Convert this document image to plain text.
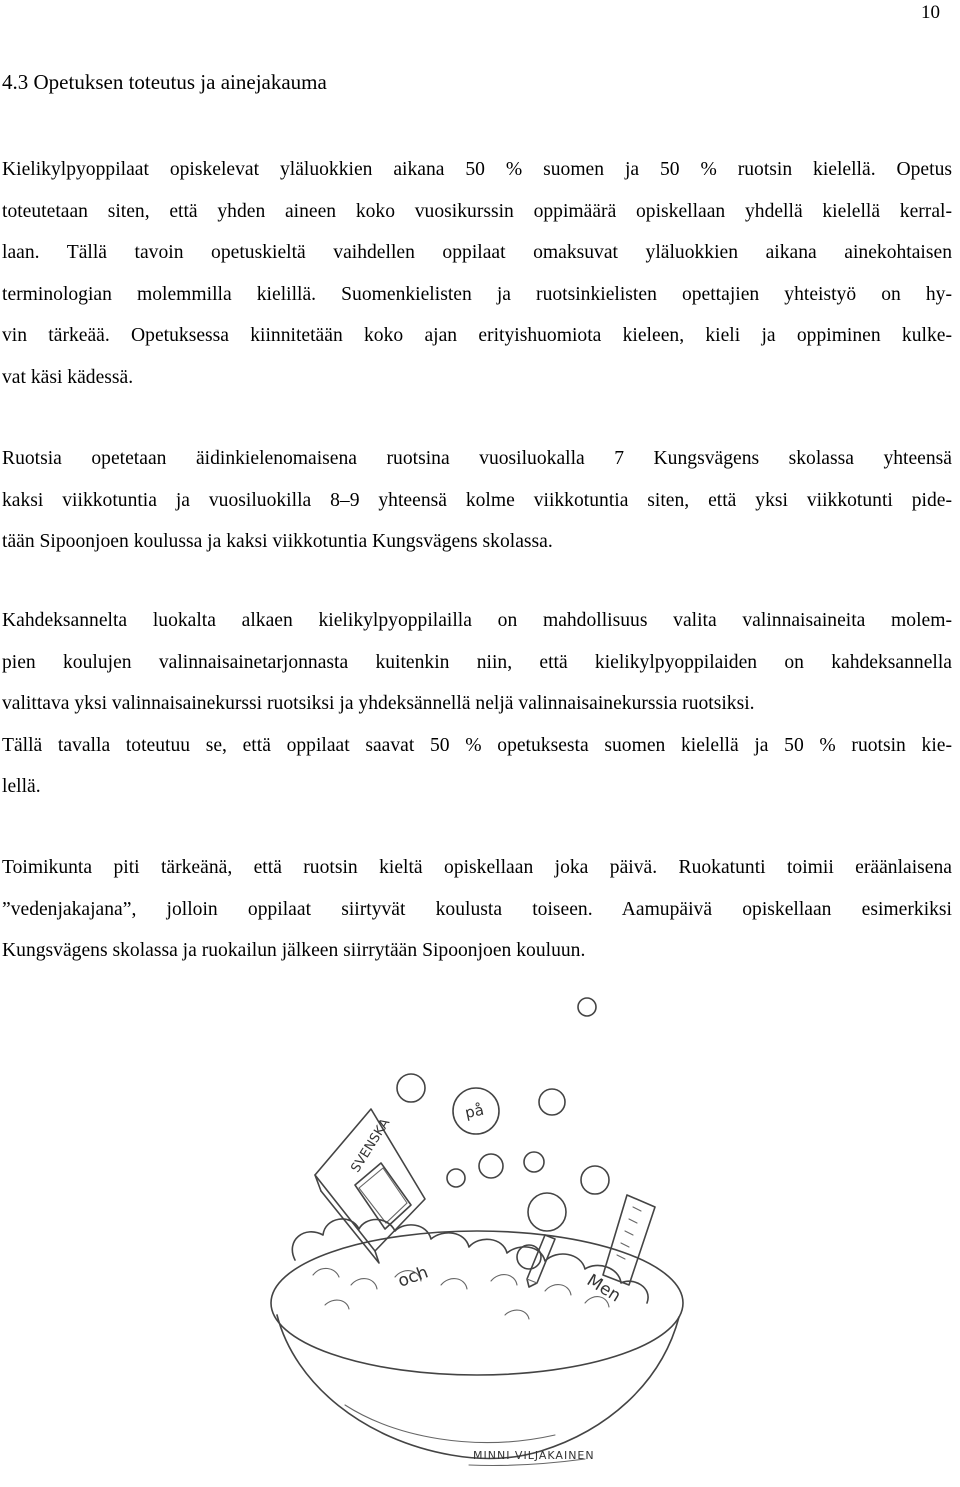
10
4.3 Opetuksen toteutus ja ainejakauma
Kielikylpyoppilaat opiskelevat yläluokkien aikana 50 % suomen ja 50 % ruotsin kielellä. Opetus
toteutetaan siten, että yhden aineen koko vuosikurssin oppimäärä opiskellaan yhdellä kielellä kerral-
laan. Tällä tavoin opetuskieltä vaihdellen oppilaat omaksuvat yläluokkien aikana ainekohtaisen
terminologian molemmilla kielillä. Suomenkielisten ja ruotsinkielisten opettajien yhteistyö on hy-
vin tärkeää. Opetuksessa kiinnitetään koko ajan erityishuomiota kieleen, kieli ja oppiminen kulke-
vat käsi kädessä.
Ruotsia opetetaan äidinkielenomaisena ruotsina vuosiluokalla 7 Kungsvägens skolassa yhteensä
kaksi viikkotuntia ja vuosiluokilla 8–9 yhteensä kolme viikkotuntia siten, että yksi viikkotunti pide-
tään Sipoonjoen koulussa ja kaksi viikkotuntia Kungsvägens skolassa.
Kahdeksannelta luokalta alkaen kielikylpyoppilailla on mahdollisuus valita valinnaisaineita molem-
pien koulujen valinnaisainetarjonnasta kuitenkin niin, että kielikylpyoppilaiden on kahdeksannella
valittava yksi valinnaisainekurssi ruotsiksi ja yhdeksännellä neljä valinnaisainekurssia ruotsiksi.
Tällä tavalla toteutuu se, että oppilaat saavat 50 % opetuksesta suomen kielellä ja 50 % ruotsin kie-
lellä.
Toimikunta piti tärkeänä, että ruotsin kieltä opiskellaan joka päivä. Ruokatunti toimii eräänlaisena
”vedenjakajana”, jolloin oppilaat siirtyvät koulusta toiseen. Aamupäivä opiskellaan esimerkiksi
Kungsvägens skolassa ja ruokailun jälkeen siirrytään Sipoonjoen kouluun.
på
SVENSKA
och	Men
MINNI VILJAKAINEN
